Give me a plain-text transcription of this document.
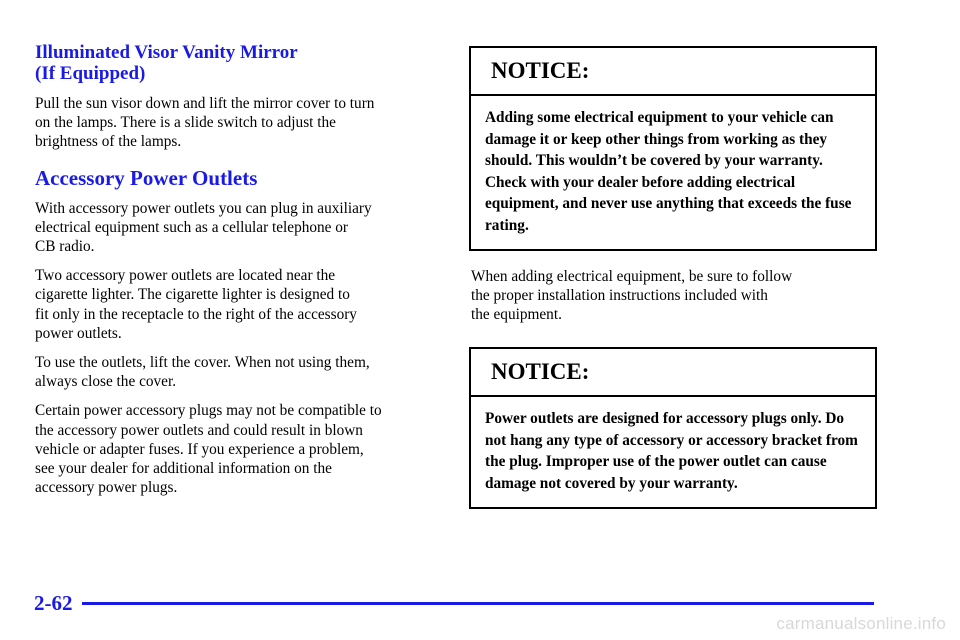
Illuminated Visor Vanity Mirror
(If Equipped)

Pull the sun visor down and lift the mirror cover to turn
on the lamps. There is a slide switch to adjust the
brightness of the lamps.

Accessory Power Outlets

With accessory power outlets you can plug in auxiliary
electrical equipment such as a cellular telephone or
CB radio.

Two accessory power outlets are located near the
cigarette lighter. The cigarette lighter is designed to
fit only in the receptacle to the right of the accessory
power outlets.

To use the outlets, lift the cover. When not using them,
always close the cover.

Certain power accessory plugs may not be compatible to
the accessory power outlets and could result in blown
vehicle or adapter fuses. If you experience a problem,
see your dealer for additional information on the
accessory power plugs.

NOTICE:
Adding some electrical equipment to your vehicle can damage it or keep other things from working as they should. This wouldn’t be covered by your warranty. Check with your dealer before adding electrical equipment, and never use anything that exceeds the fuse rating.

When adding electrical equipment, be sure to follow
the proper installation instructions included with
the equipment.

NOTICE:
Power outlets are designed for accessory plugs only. Do not hang any type of accessory or accessory bracket from the plug. Improper use of the power outlet can cause damage not covered by your warranty.
2-62
carmanualsonline.info
